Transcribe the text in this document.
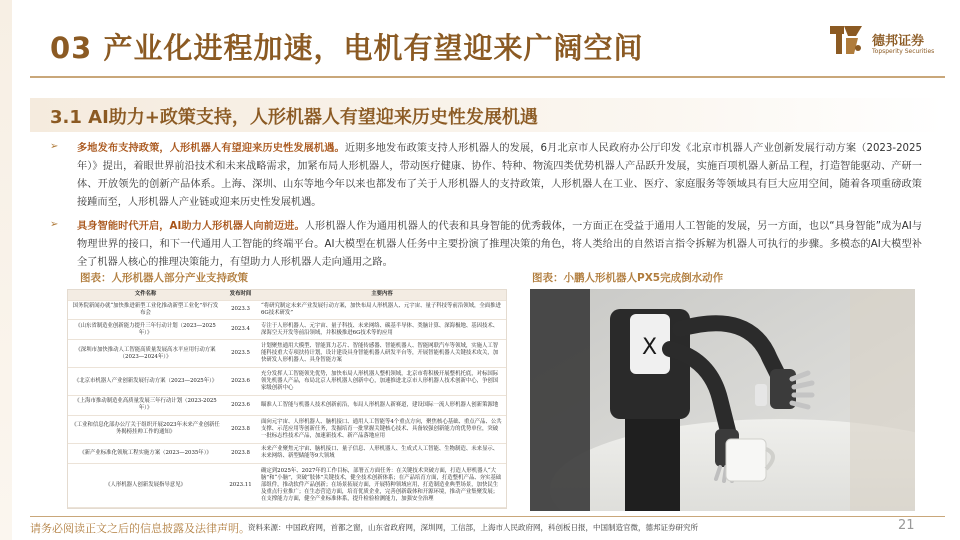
03 产业化进程加速，电机有望迎来广阔空间	德邦证券
Topsperity Securities
3.1 AI助力+政策支持，人形机器人有望迎来历史性发展机遇
➢ 多地发布支持政策，人形机器人有望迎来历史性发展机遇。近期多地发布政策支持人形机器人的发展，6月北京市人民政府办公厅印发《北京市机器人产业创新发展行动方案（2023-2025年）》提出，着眼世界前沿技术和未来战略需求，加紧布局人形机器人，带动医疗健康、协作、特种、物流四类优势机器人产品跃升发展，实施百项机器人新品工程，打造智能驱动、产研一体、开放领先的创新产品体系。上海、深圳、山东等地今年以来也都发布了关于人形机器人的支持政策，人形机器人在工业、医疗、家庭服务等领域具有巨大应用空间，随着各项重磅政策接踵而至，人形机器人产业链或迎来历史性发展机遇。

➢ 具身智能时代开启，AI助力人形机器人向前迈进。人形机器人作为通用机器人的代表和具身智能的优秀载体，一方面正在受益于通用人工智能的发展，另一方面，也以“具身智能”成为AI与物理世界的接口，和下一代通用人工智能的终端平台。AI大模型在机器人任务中主要扮演了推理决策的角色，将人类给出的自然语言指令拆解为机器人可执行的步骤。多模态的AI大模型补全了机器人核心的推理决策能力，有望助力人形机器人走向通用之路。

图表：人形机器人部分产业支持政策	图表：小鹏人形机器人PX5完成倒水动作
文件名称	发布时间	主要内容
国务院新闻办就“加快推进新型工业化推动新型工业化”举行发布会	2023.3	“将研究制定未来产业发展行动方案，加快布局人形机器人、元宇宙、量子科技等前沿领域，全面推进6G技术研发”
《山东省制造业创新能力提升三年行动计划（2023—2025年）》	2023.4	专注于人形机器人、元宇宙、量子科技、未来网络、碳基半导体、类脑计算、深海极地、基因技术、深海空天开发等前沿领域，并积极推进6G技术等的应用
《深圳市加快推动人工智能高质量发展高水平应用行动方案（2023—2024年）》	2023.5	计划聚焦通用大模型、智能算力芯片、智能传感器、智能机器人、智能网联汽车等领域，实施人工智能科技重大专项扶持计划，设计建设具身智能机器人研发平台等，开展智能机器人关键技术攻关，加快研发人形机器人、具身智能方案
《北京市机器人产业创新发展行动方案（2023—2025年）》	2023.6	充分发挥人工智能领先优势，加快布局人形机器人整机领域，北京市将积极开展整机托底，对标国际领先机器人产品，布局北京人形机器人创新中心，加速推进北京市人形机器人技术创新中心，争创国家级创新中心
《上海市推动制造业高质量发展三年行动计划（2023-2025年）》	2023.6	瞄准人工智能与机器人技术创新前沿，布局人形机器人新赛道，建设国际一流人形机器人创新策源地
《工业和信息化部办公厅关于组织开展2023年未来产业创新任务揭榜挂帅工作的通知》	2023.8	面向元宇宙、人形机器人、脑机接口、通用人工智能等4个重点方向，聚焦核心基础、重点产品、公共支撑、示范应用等创新任务，发掘培育一批掌握关键核心技术、具备较强创新能力的优势单位，突破一批标志性技术产品，加速新技术、新产品落地应用
《新产业标准化领航工程实施方案（2023—2035年）》	2023.8	未来产业聚焦元宇宙、脑机接口、量子信息、人形机器人、生成式人工智能、生物制造、未来显示、未来网络、新型储能等9大领域
《人形机器人创新发展指导意见》	2023.11	确定到2025年、2027年的工作目标，部署五方面任务：在关键技术突破方面，打造人形机器人“大脑”和“小脑”，突破“肢体”关键技术，健全技术创新体系；在产品培育方面，打造整机产品、夯实基础部组件，推动软件产品创新；在场景拓展方面，开展特种领域应用，打造制造业典型场景，加快民生及重点行业推广；在生态营造方面，培育优质企业，完善创新载体和开源环境，推动产业集聚发展；在支撑能力方面，健全产业标准体系，提升检验检测能力，加强安全治理
X
请务必阅读正文之后的信息披露及法律声明。
资料来源：中国政府网，首都之窗，山东省政府网，深圳网，工信部，上海市人民政府网，科创板日报，中国制造官微，德邦证券研究所	21
